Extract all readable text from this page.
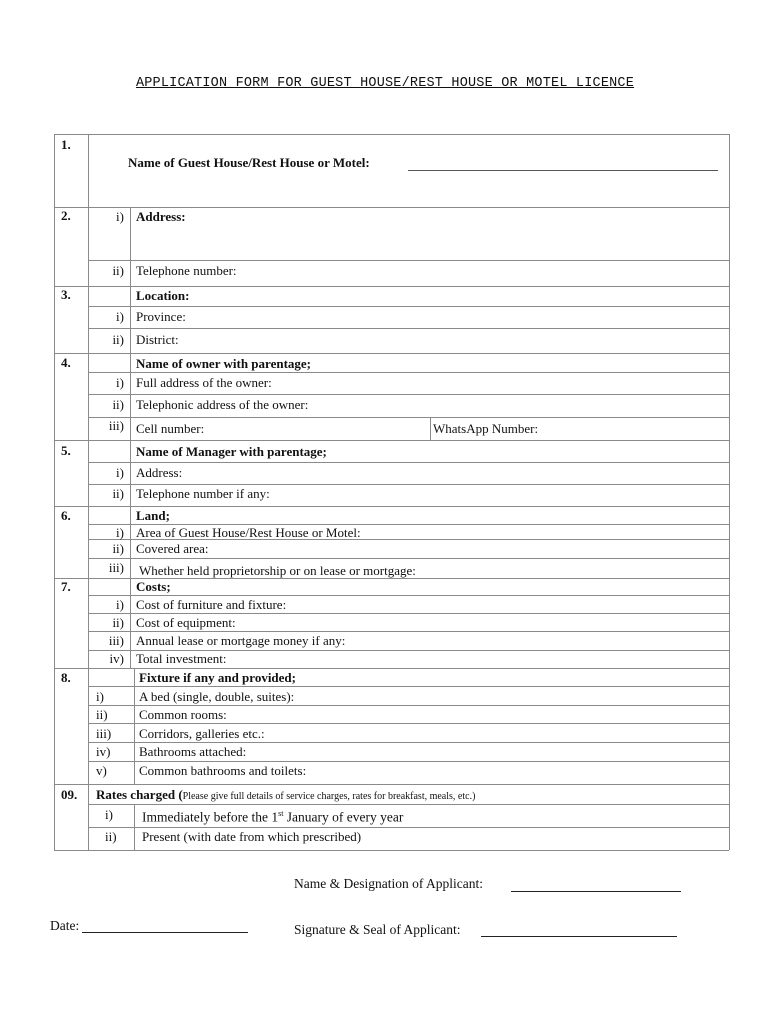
APPLICATION FORM FOR GUEST HOUSE/REST HOUSE OR MOTEL LICENCE
1.
Name of Guest House/Rest House or Motel:
2.	i) Address:
ii) Telephone number:
3.	Location:
i) Province:
ii) District:
4.	Name of owner with parentage;
i) Full address of the owner:
ii) Telephonic address of the owner:
iii) Cell number:	WhatsApp Number:
5.	Name of Manager with parentage;
i) Address:
ii) Telephone number if any:
6.	Land;
i) Area of Guest House/Rest House or Motel:
ii) Covered area:
iii) Whether held proprietorship or on lease or mortgage:
7.	Costs;
i) Cost of furniture and fixture:
ii) Cost of equipment:
iii) Annual lease or mortgage money if any:
iv) Total investment:
8.	Fixture if any and provided;
i)	A bed (single, double, suites):
ii) Common rooms:
iii) Corridors, galleries etc.:
iv) Bathrooms attached:
v) Common bathrooms and toilets:
09. Rates charged (Please give full details of service charges, rates for breakfast, meals, etc.)
i) Immediately before the 1st January of every year
ii) Present (with date from which prescribed)
Name & Designation of Applicant:
Date:	Signature & Seal of Applicant:
